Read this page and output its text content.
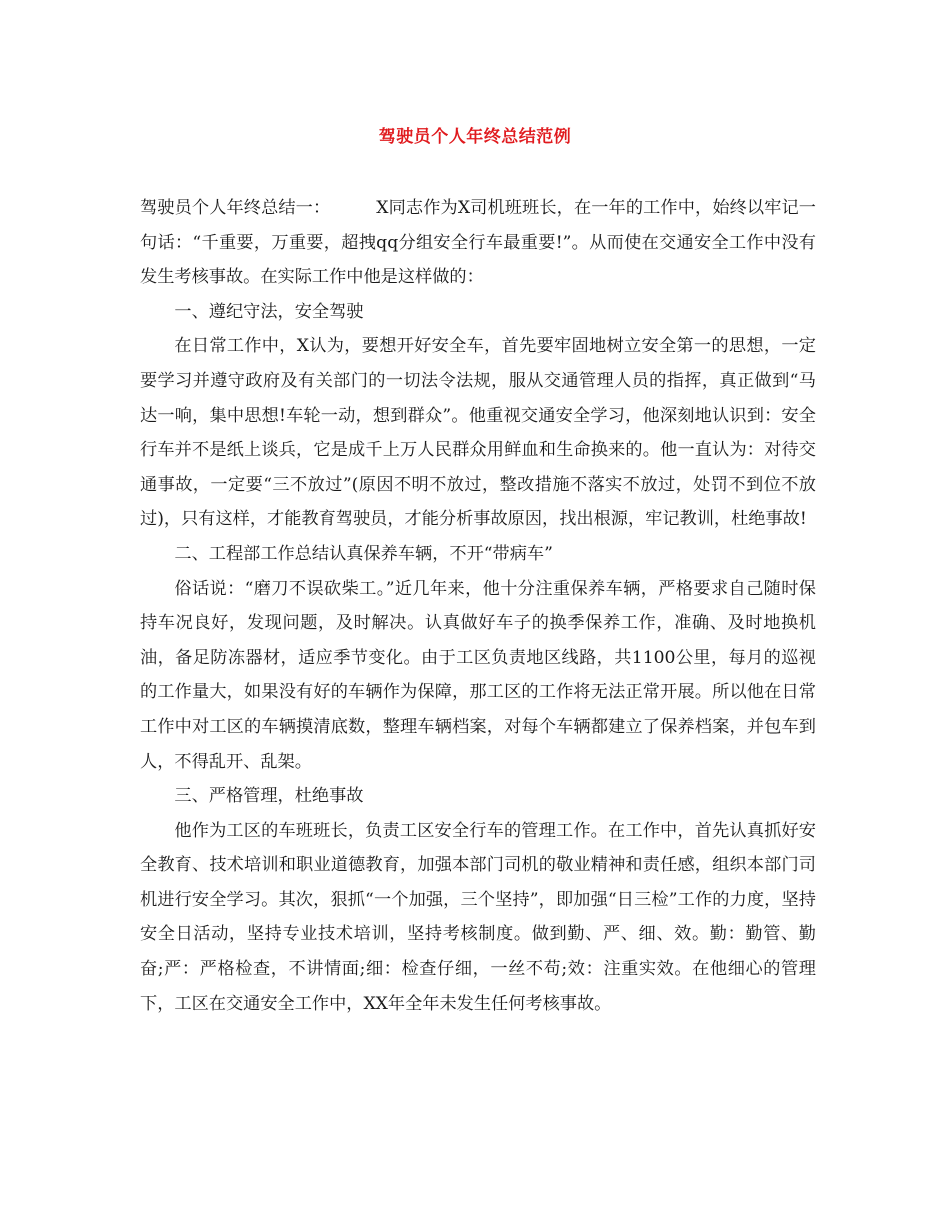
驾驶员个人年终总结范例

驾驶员个人年终总结一：	X同志作为X司机班班长，在一年的工作中，始终以牢记一句话：“千重要，万重要，超拽qq分组安全行车最重要!”。从而使在交通安全工作中没有发生考核事故。在实际工作中他是这样做的：

一、遵纪守法，安全驾驶

在日常工作中，X认为，要想开好安全车，首先要牢固地树立安全第一的思想，一定要学习并遵守政府及有关部门的一切法令法规，服从交通管理人员的指挥，真正做到“马达一响，集中思想!车轮一动，想到群众”。他重视交通安全学习，他深刻地认识到：安全行车并不是纸上谈兵，它是成千上万人民群众用鲜血和生命换来的。他一直认为：对待交通事故，一定要“三不放过”(原因不明不放过，整改措施不落实不放过，处罚不到位不放过)，只有这样，才能教育驾驶员，才能分析事故原因，找出根源，牢记教训，杜绝事故!

二、工程部工作总结认真保养车辆，不开“带病车”

俗话说：“磨刀不误砍柴工。”近几年来，他十分注重保养车辆，严格要求自己随时保持车况良好，发现问题，及时解决。认真做好车子的换季保养工作，准确、及时地换机油，备足防冻器材，适应季节变化。由于工区负责地区线路，共1100公里，每月的巡视的工作量大，如果没有好的车辆作为保障，那工区的工作将无法正常开展。所以他在日常工作中对工区的车辆摸清底数，整理车辆档案，对每个车辆都建立了保养档案，并包车到人，不得乱开、乱架。

三、严格管理，杜绝事故

他作为工区的车班班长，负责工区安全行车的管理工作。在工作中，首先认真抓好安全教育、技术培训和职业道德教育，加强本部门司机的敬业精神和责任感，组织本部门司机进行安全学习。其次，狠抓“一个加强，三个坚持”，即加强“日三检”工作的力度，坚持安全日活动，坚持专业技术培训，坚持考核制度。做到勤、严、细、效。勤：勤管、勤奋;严：严格检查，不讲情面;细：检查仔细，一丝不苟;效：注重实效。在他细心的管理下，工区在交通安全工作中，XX年全年未发生任何考核事故。
